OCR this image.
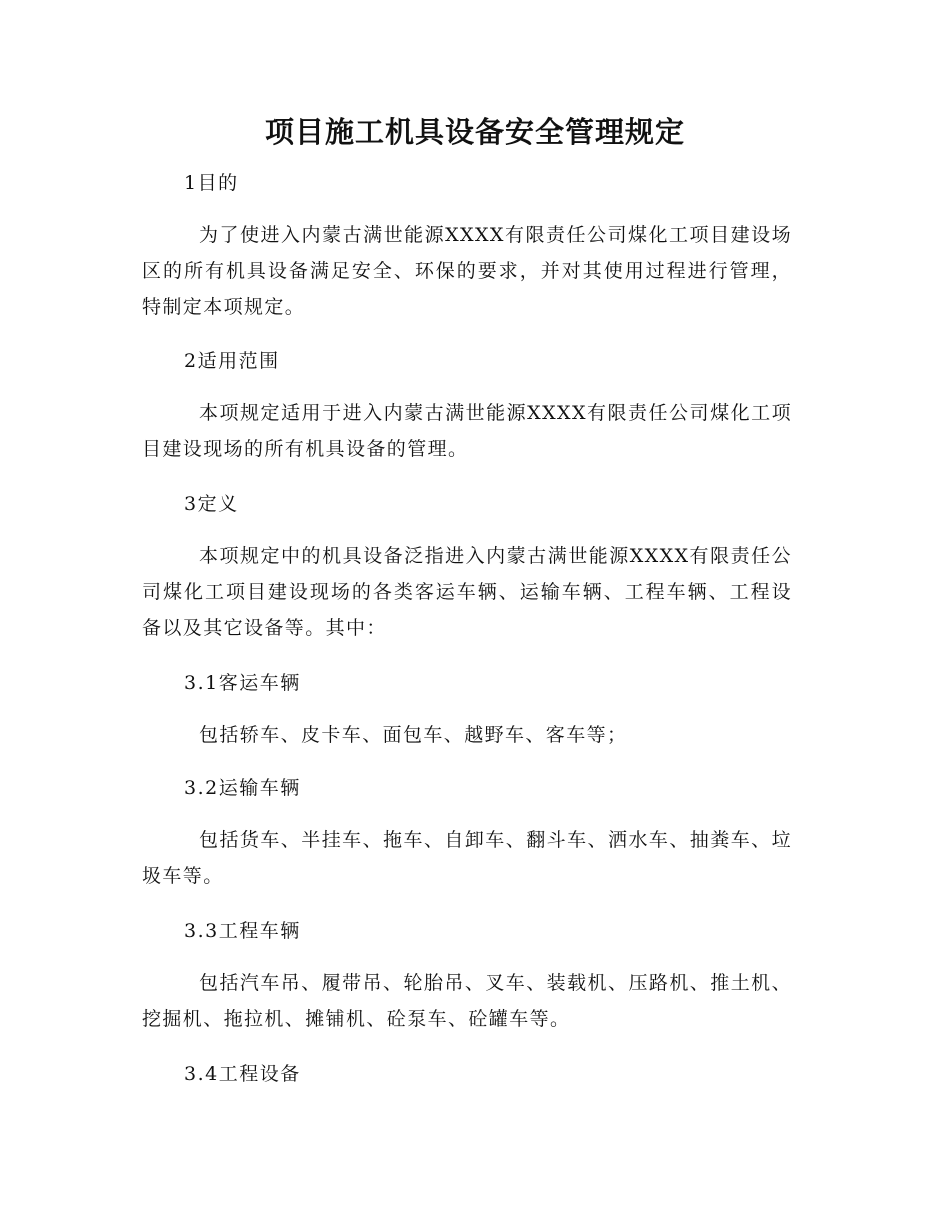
项目施工机具设备安全管理规定
1目的
为了使进入内蒙古满世能源XXXX有限责任公司煤化工项目建设场区的所有机具设备满足安全、环保的要求，并对其使用过程进行管理，特制定本项规定。
2适用范围
本项规定适用于进入内蒙古满世能源XXXX有限责任公司煤化工项目建设现场的所有机具设备的管理。
3定义
本项规定中的机具设备泛指进入内蒙古满世能源XXXX有限责任公司煤化工项目建设现场的各类客运车辆、运输车辆、工程车辆、工程设备以及其它设备等。其中：
3.1客运车辆
包括轿车、皮卡车、面包车、越野车、客车等；
3.2运输车辆
包括货车、半挂车、拖车、自卸车、翻斗车、洒水车、抽粪车、垃圾车等。
3.3工程车辆
包括汽车吊、履带吊、轮胎吊、叉车、装载机、压路机、推土机、挖掘机、拖拉机、摊铺机、砼泵车、砼罐车等。
3.4工程设备
